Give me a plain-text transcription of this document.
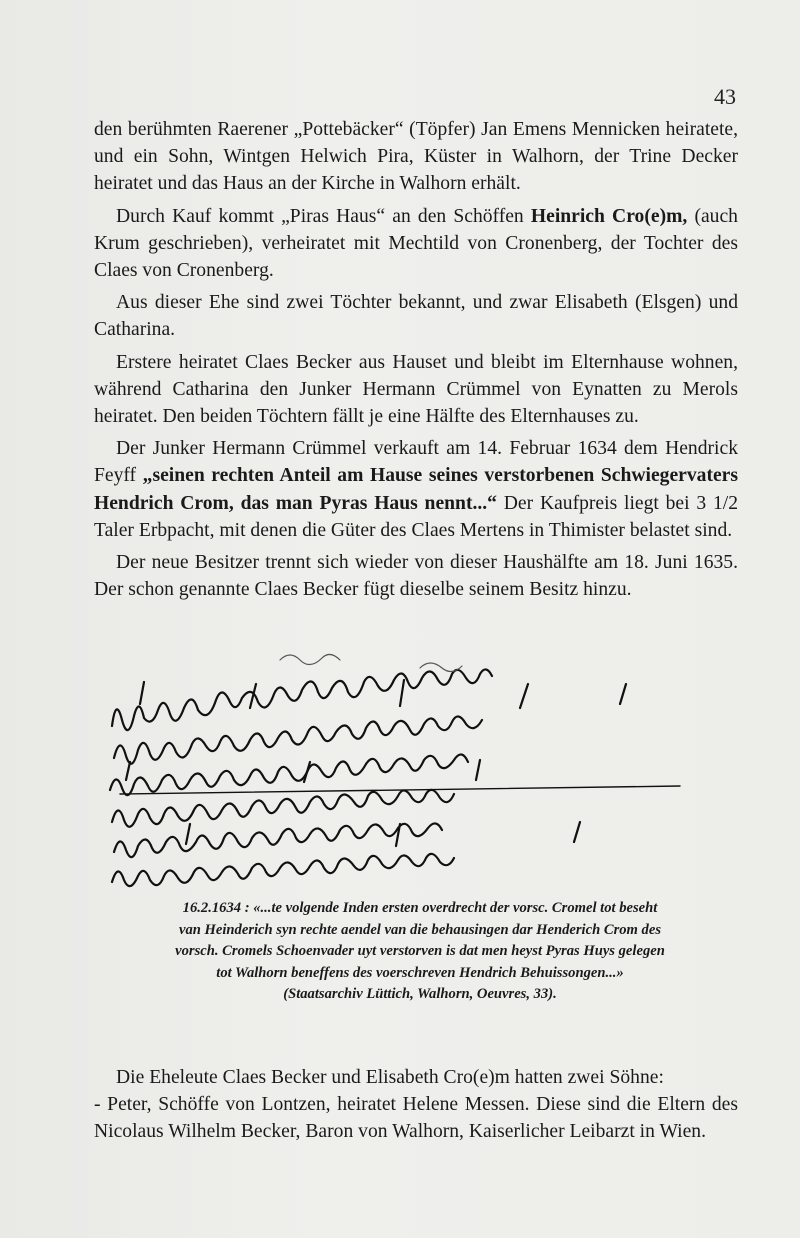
43

den berühmten Raerener „Pottebäcker“ (Töpfer) Jan Emens Mennicken heiratete, und ein Sohn, Wintgen Helwich Pira, Küster in Walhorn, der Trine Decker heiratet und das Haus an der Kirche in Walhorn erhält.

Durch Kauf kommt „Piras Haus“ an den Schöffen Heinrich Cro(e)m, (auch Krum geschrieben), verheiratet mit Mechtild von Cronenberg, der Tochter des Claes von Cronenberg.

Aus dieser Ehe sind zwei Töchter bekannt, und zwar Elisabeth (Elsgen) und Catharina.

Erstere heiratet Claes Becker aus Hauset und bleibt im Elternhause wohnen, während Catharina den Junker Hermann Crümmel von Eynatten zu Merols heiratet. Den beiden Töchtern fällt je eine Hälfte des Elternhauses zu.

Der Junker Hermann Crümmel verkauft am 14. Februar 1634 dem Hendrick Feyff „seinen rechten Anteil am Hause seines verstorbenen Schwiegervaters Hendrich Crom, das man Pyras Haus nennt...“ Der Kaufpreis liegt bei 3 1/2 Taler Erbpacht, mit denen die Güter des Claes Mertens in Thimister belastet sind.

Der neue Besitzer trennt sich wieder von dieser Haushälfte am 18. Juni 1635. Der schon genannte Claes Becker fügt dieselbe seinem Besitz hinzu.

16.2.1634 : «...te volgende Inden ersten overdrecht der vorsc. Cromel tot beseht
van Heinderich syn rechte aendel van die behausingen dar Henderich Crom des
vorsch. Cromels Schoenvader uyt verstorven is dat men heyst Pyras Huys gelegen
tot Walhorn beneffens des voerschreven Hendrich Behuissongen...»
(Staatsarchiv Lüttich, Walhorn, Oeuvres, 33).

Die Eheleute Claes Becker und Elisabeth Cro(e)m hatten zwei Söhne:

- Peter, Schöffe von Lontzen, heiratet Helene Messen. Diese sind die Eltern des Nicolaus Wilhelm Becker, Baron von Walhorn, Kaiserlicher Leibarzt in Wien.
